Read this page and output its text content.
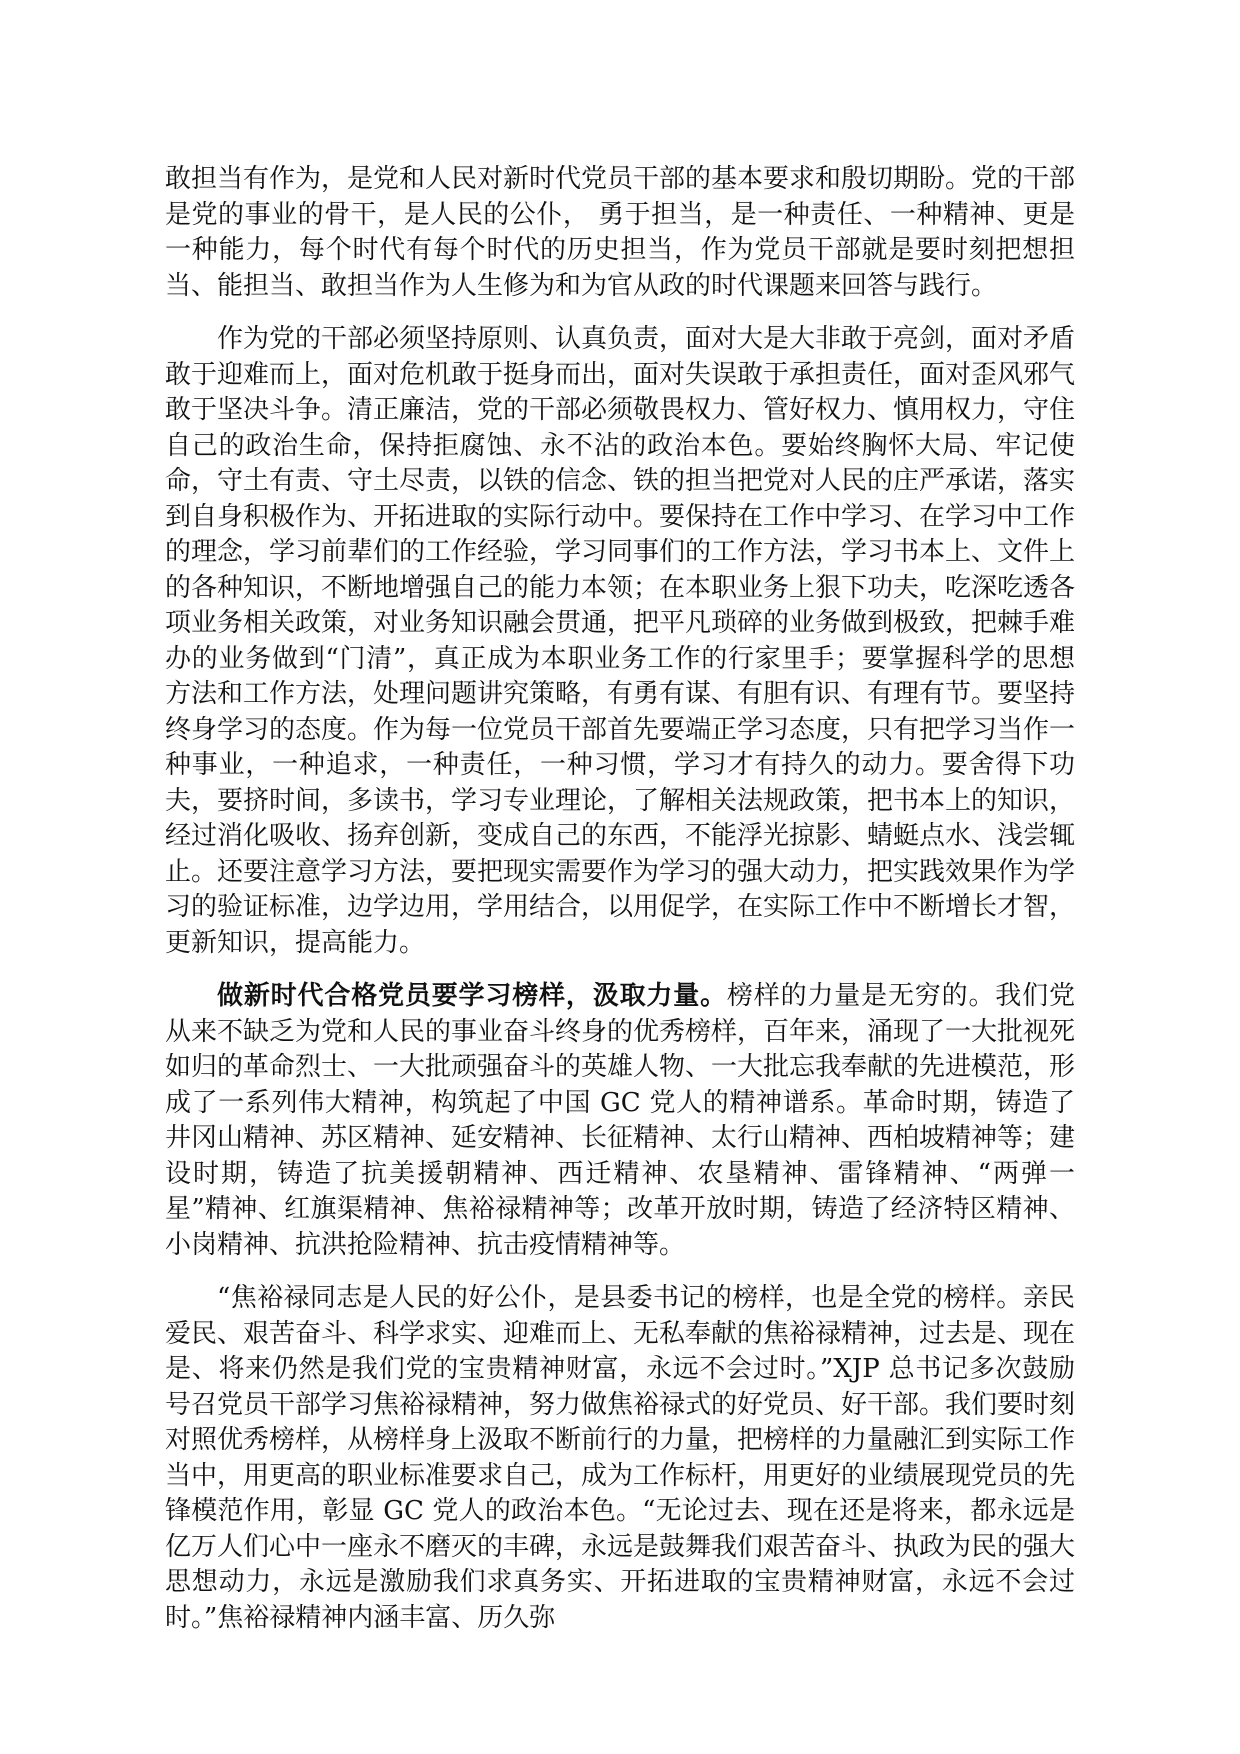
敢担当有作为，是党和人民对新时代党员干部的基本要求和殷切期盼。党的干部是党的事业的骨干，是人民的公仆， 勇于担当，是一种责任、一种精神、更是一种能力，每个时代有每个时代的历史担当，作为党员干部就是要时刻把想担当、能担当、敢担当作为人生修为和为官从政的时代课题来回答与践行。

作为党的干部必须坚持原则、认真负责，面对大是大非敢于亮剑，面对矛盾敢于迎难而上，面对危机敢于挺身而出，面对失误敢于承担责任，面对歪风邪气敢于坚决斗争。清正廉洁，党的干部必须敬畏权力、管好权力、慎用权力，守住自己的政治生命，保持拒腐蚀、永不沾的政治本色。要始终胸怀大局、牢记使命，守土有责、守土尽责，以铁的信念、铁的担当把党对人民的庄严承诺，落实到自身积极作为、开拓进取的实际行动中。要保持在工作中学习、在学习中工作的理念，学习前辈们的工作经验，学习同事们的工作方法，学习书本上、文件上的各种知识，不断地增强自己的能力本领；在本职业务上狠下功夫，吃深吃透各项业务相关政策，对业务知识融会贯通，把平凡琐碎的业务做到极致，把棘手难办的业务做到“门清”，真正成为本职业务工作的行家里手；要掌握科学的思想方法和工作方法，处理问题讲究策略，有勇有谋、有胆有识、有理有节。要坚持终身学习的态度。作为每一位党员干部首先要端正学习态度，只有把学习当作一种事业，一种追求，一种责任，一种习惯，学习才有持久的动力。要舍得下功夫，要挤时间，多读书，学习专业理论，了解相关法规政策，把书本上的知识，经过消化吸收、扬弃创新，变成自己的东西，不能浮光掠影、蜻蜓点水、浅尝辄止。还要注意学习方法，要把现实需要作为学习的强大动力，把实践效果作为学习的验证标准，边学边用，学用结合，以用促学，在实际工作中不断增长才智，更新知识，提高能力。

做新时代合格党员要学习榜样，汲取力量。榜样的力量是无穷的。我们党从来不缺乏为党和人民的事业奋斗终身的优秀榜样，百年来，涌现了一大批视死如归的革命烈士、一大批顽强奋斗的英雄人物、一大批忘我奉献的先进模范，形成了一系列伟大精神，构筑起了中国 GC 党人的精神谱系。革命时期，铸造了井冈山精神、苏区精神、延安精神、长征精神、太行山精神、西柏坡精神等；建设时期，铸造了抗美援朝精神、西迁精神、农垦精神、雷锋精神、“两弹一星”精神、红旗渠精神、焦裕禄精神等；改革开放时期，铸造了经济特区精神、小岗精神、抗洪抢险精神、抗击疫情精神等。

“焦裕禄同志是人民的好公仆，是县委书记的榜样，也是全党的榜样。亲民爱民、艰苦奋斗、科学求实、迎难而上、无私奉献的焦裕禄精神，过去是、现在是、将来仍然是我们党的宝贵精神财富，永远不会过时。”XJP 总书记多次鼓励号召党员干部学习焦裕禄精神，努力做焦裕禄式的好党员、好干部。我们要时刻对照优秀榜样，从榜样身上汲取不断前行的力量，把榜样的力量融汇到实际工作当中，用更高的职业标准要求自己，成为工作标杆，用更好的业绩展现党员的先锋模范作用，彰显 GC 党人的政治本色。“无论过去、现在还是将来，都永远是亿万人们心中一座永不磨灭的丰碑，永远是鼓舞我们艰苦奋斗、执政为民的强大思想动力，永远是激励我们求真务实、开拓进取的宝贵精神财富，永远不会过时。”焦裕禄精神内涵丰富、历久弥
